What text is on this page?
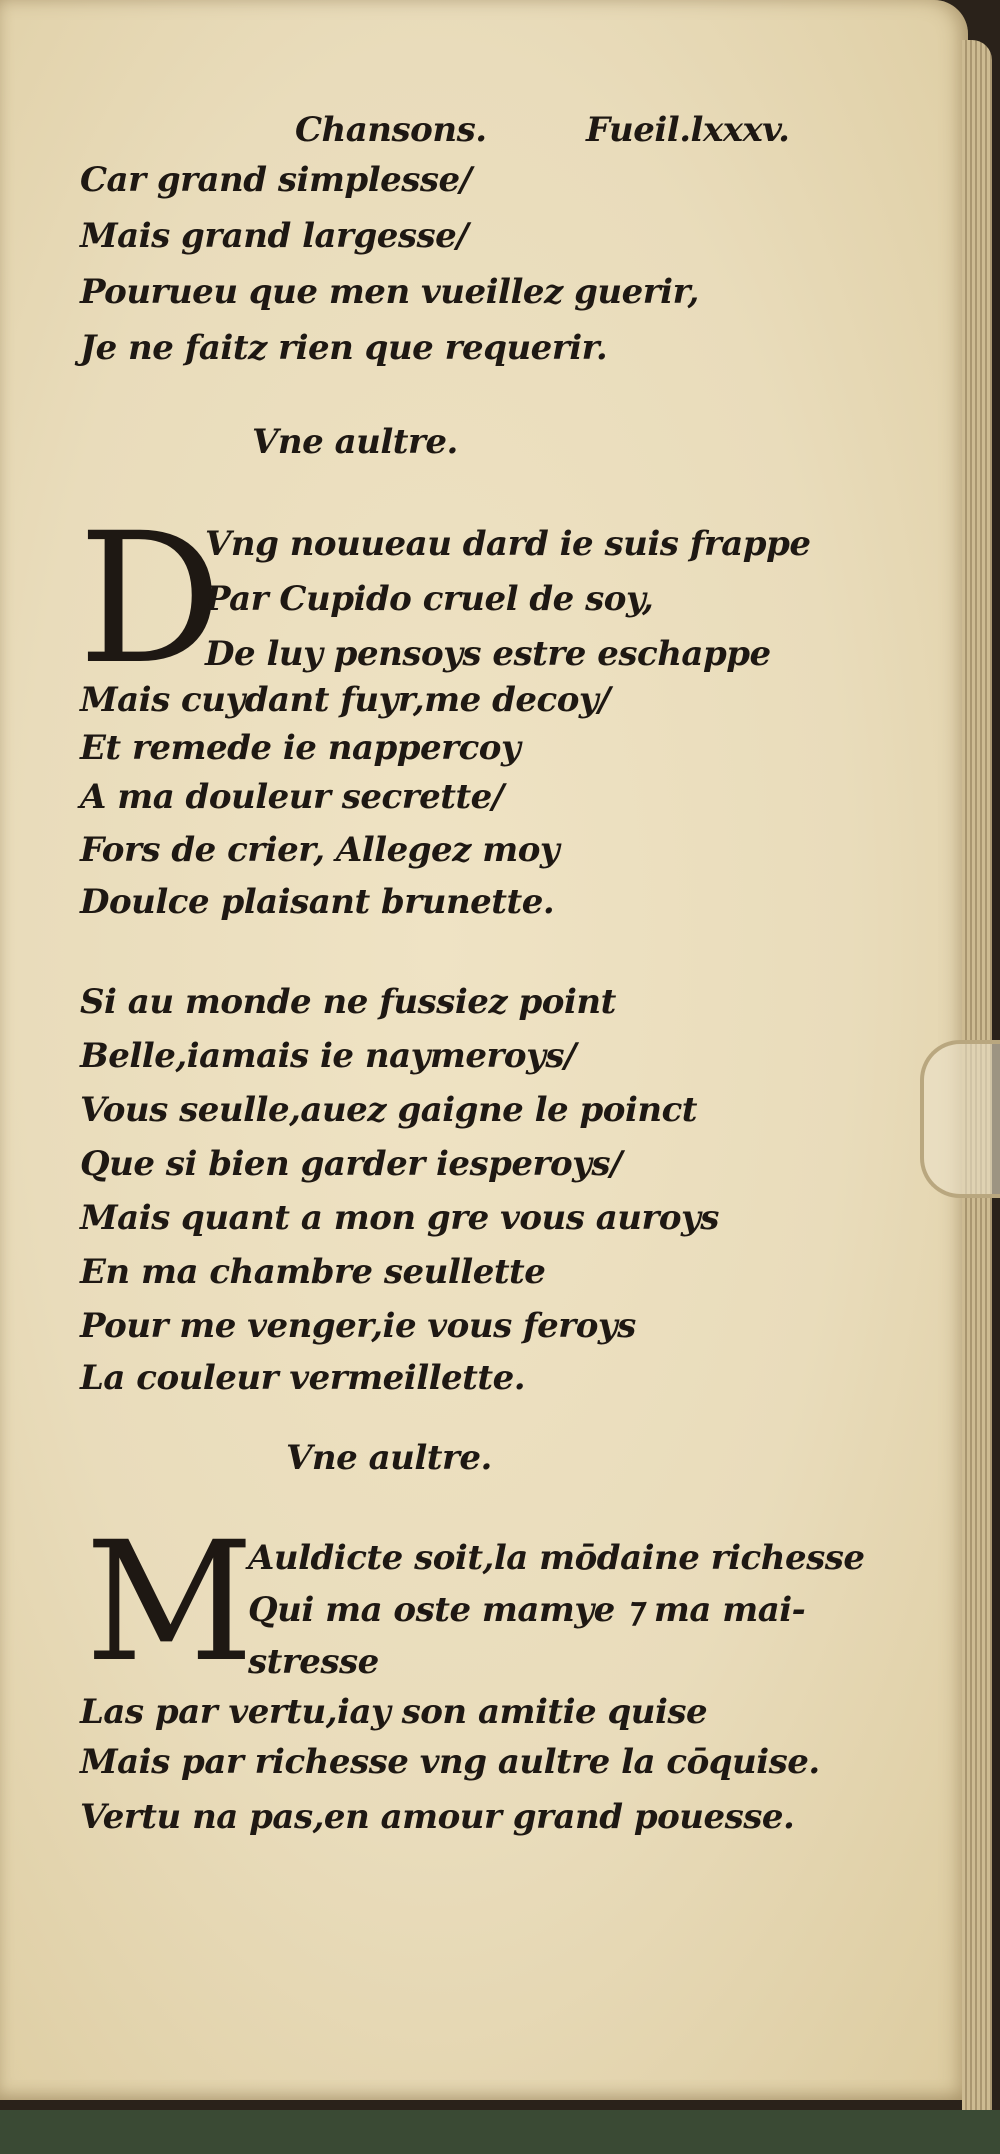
Chansons.	Fueil.lxxxv.
Car grand simplesse/
Mais grand largesse/
Pourueu que men vueillez guerir,
Je ne faitz rien que requerir.
Vne aultre.
D
Vng nouueau dard ie suis frappe
Par Cupido cruel de soy,
De luy pensoys estre eschappe
Mais cuydant fuyr,me decoy/
Et remede ie nappercoy
A ma douleur secrette/
Fors de crier, Allegez moy
Doulce plaisant brunette.
Si au monde ne fussiez point
Belle,iamais ie naymeroys/
Vous seulle,auez gaigne le poinct
Que si bien garder iesperoys/
Mais quant a mon gre vous auroys
En ma chambre seullette
Pour me venger,ie vous feroys
La couleur vermeillette.
Vne aultre.
M
Auldicte soit,la mōdaine richesse
Qui ma oste mamye ⁊ ma mai-
stresse
Las par vertu,iay son amitie quise
Mais par richesse vng aultre la cōquise.
Vertu na pas,en amour grand pouesse.
